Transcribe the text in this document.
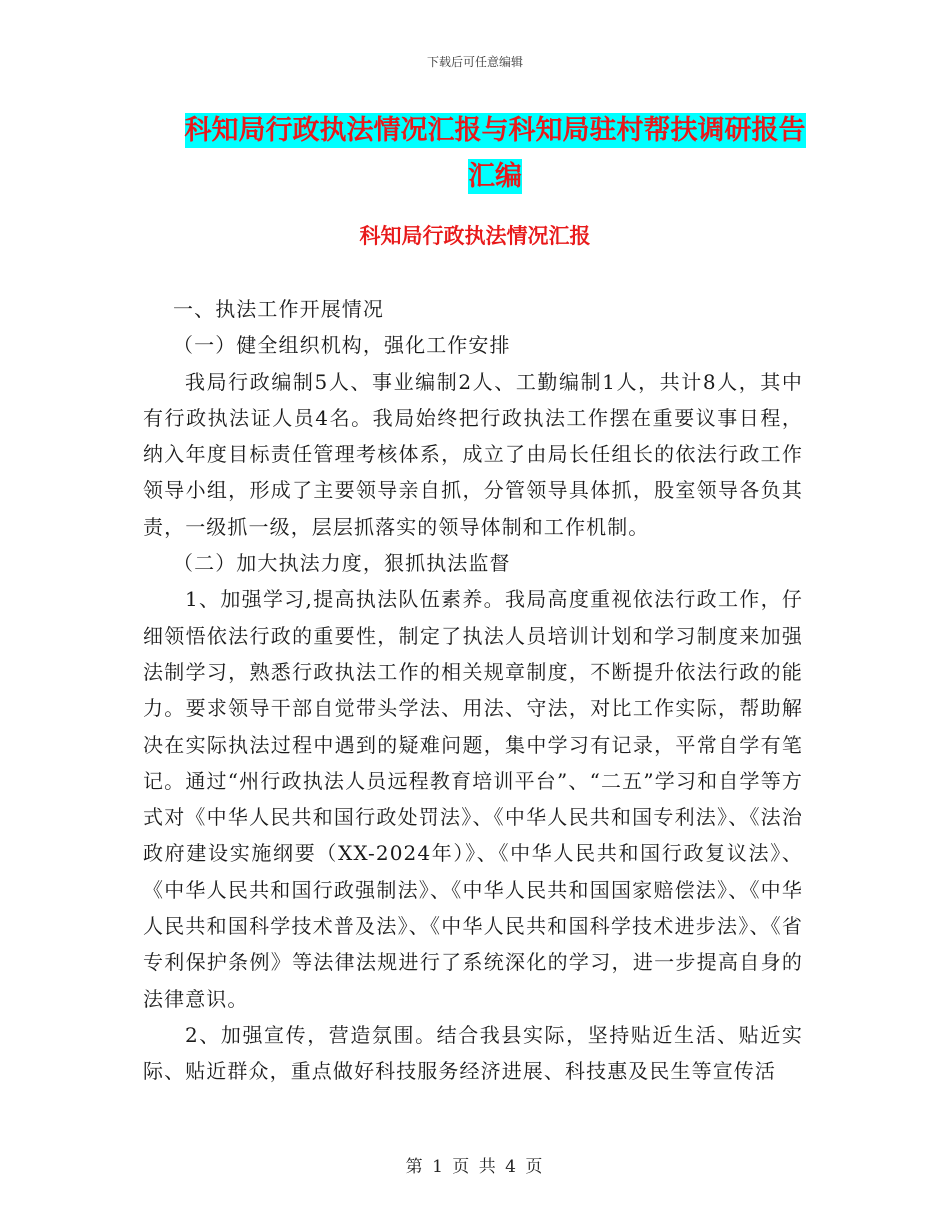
下载后可任意编辑
科知局行政执法情况汇报与科知局驻村帮扶调研报告汇编
科知局行政执法情况汇报

一、执法工作开展情况

（一）健全组织机构，强化工作安排

我局行政编制5人、事业编制2人、工勤编制1人，共计8人，其中有行政执法证人员4名。我局始终把行政执法工作摆在重要议事日程，纳入年度目标责任管理考核体系，成立了由局长任组长的依法行政工作领导小组，形成了主要领导亲自抓，分管领导具体抓，股室领导各负其责，一级抓一级，层层抓落实的领导体制和工作机制。

（二）加大执法力度，狠抓执法监督

1、加强学习,提高执法队伍素养。我局高度重视依法行政工作，仔细领悟依法行政的重要性，制定了执法人员培训计划和学习制度来加强法制学习，熟悉行政执法工作的相关规章制度，不断提升依法行政的能力。要求领导干部自觉带头学法、用法、守法，对比工作实际，帮助解决在实际执法过程中遇到的疑难问题，集中学习有记录，平常自学有笔记。通过“州行政执法人员远程教育培训平台”、“二五”学习和自学等方式对《中华人民共和国行政处罚法》、《中华人民共和国专利法》、《法治政府建设实施纲要（XX-2024年）》、《中华人民共和国行政复议法》、《中华人民共和国行政强制法》、《中华人民共和国国家赔偿法》、《中华人民共和国科学技术普及法》、《中华人民共和国科学技术进步法》、《省专利保护条例》等法律法规进行了系统深化的学习，进一步提高自身的法律意识。

2、加强宣传，营造氛围。结合我县实际，坚持贴近生活、贴近实际、贴近群众，重点做好科技服务经济进展、科技惠及民生等宣传活

第 1 页 共 4 页
